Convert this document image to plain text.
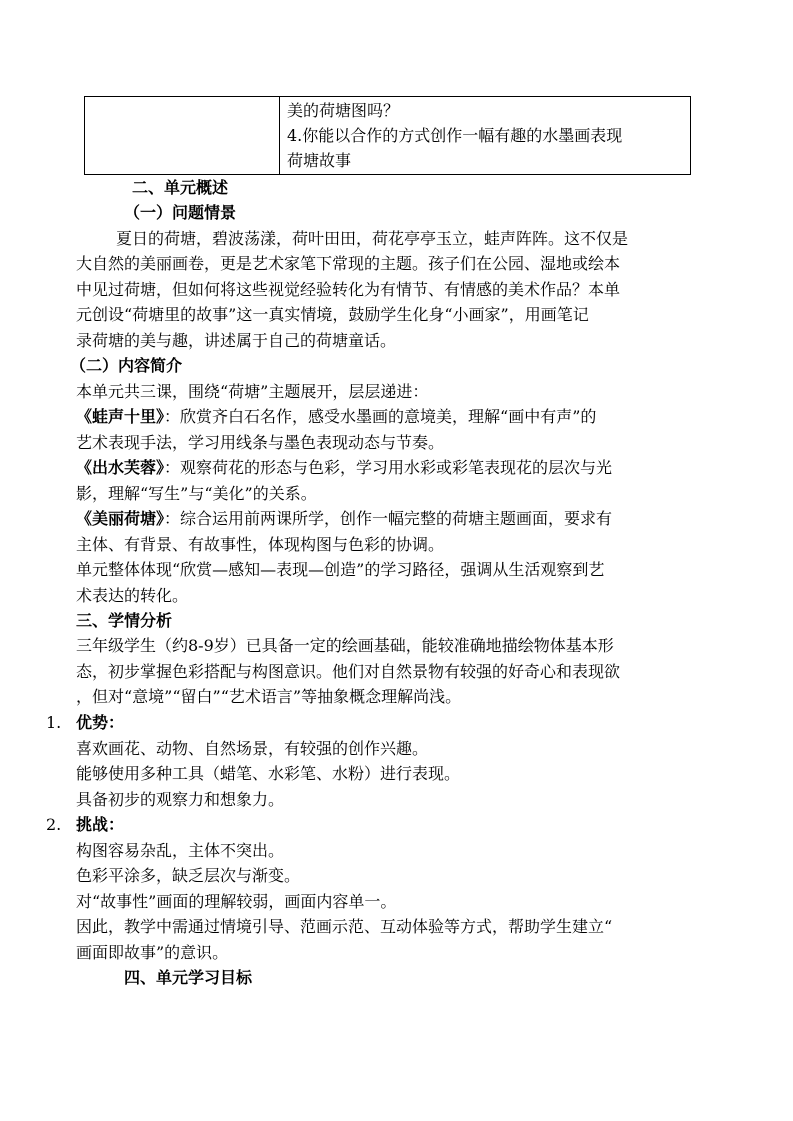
美的荷塘图吗？
4.你能以合作的方式创作一幅有趣的水墨画表现
荷塘故事
二、单元概述
（一）问题情景
夏日的荷塘，碧波荡漾，荷叶田田，荷花亭亭玉立，蛙声阵阵。这不仅是
大自然的美丽画卷，更是艺术家笔下常现的主题。孩子们在公园、湿地或绘本
中见过荷塘，但如何将这些视觉经验转化为有情节、有情感的美术作品？本单
元创设“荷塘里的故事”这一真实情境，鼓励学生化身“小画家”，用画笔记
录荷塘的美与趣，讲述属于自己的荷塘童话。
（二）内容简介
本单元共三课，围绕“荷塘”主题展开，层层递进：
《蛙声十里》：欣赏齐白石名作，感受水墨画的意境美，理解“画中有声”的
艺术表现手法，学习用线条与墨色表现动态与节奏。
《出水芙蓉》：观察荷花的形态与色彩，学习用水彩或彩笔表现花的层次与光
影，理解“写生”与“美化”的关系。
《美丽荷塘》：综合运用前两课所学，创作一幅完整的荷塘主题画面，要求有
主体、有背景、有故事性，体现构图与色彩的协调。
单元整体体现“欣赏—感知—表现—创造”的学习路径，强调从生活观察到艺
术表达的转化。
三、学情分析
三年级学生（约8-9岁）已具备一定的绘画基础，能较准确地描绘物体基本形
态，初步掌握色彩搭配与构图意识。他们对自然景物有较强的好奇心和表现欲
，但对“意境”“留白”“艺术语言”等抽象概念理解尚浅。
1. 优势：
喜欢画花、动物、自然场景，有较强的创作兴趣。
能够使用多种工具（蜡笔、水彩笔、水粉）进行表现。
具备初步的观察力和想象力。
2. 挑战：
构图容易杂乱，主体不突出。
色彩平涂多，缺乏层次与渐变。
对“故事性”画面的理解较弱，画面内容单一。
因此，教学中需通过情境引导、范画示范、互动体验等方式，帮助学生建立“
画面即故事”的意识。
四、单元学习目标
